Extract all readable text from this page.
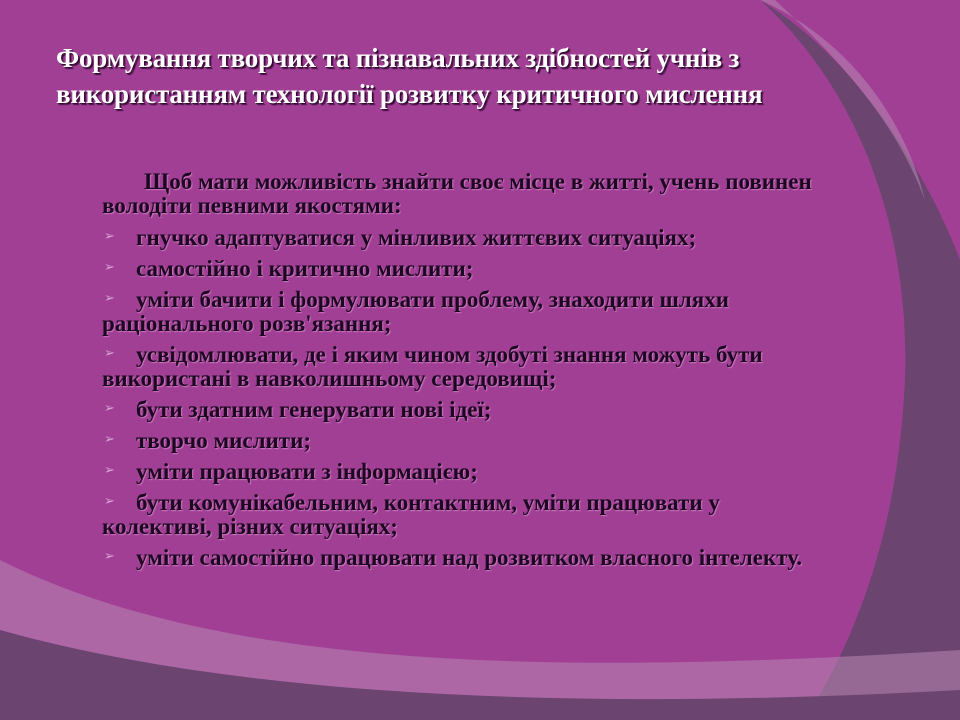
Формування творчих та пізнавальних здібностей учнів з використанням технології розвитку критичного мислення

Щоб мати можливість знайти своє місце в житті, учень повинен володіти певними якостями:

➢ гнучко адаптуватися у мінливих життєвих ситуаціях;
➢ самостійно і критично мислити;
➢ уміти бачити і формулювати проблему, знаходити шляхи раціонального розв'язання;
➢ усвідомлювати, де і яким чином здобуті знання можуть бути використані в навколишньому середовищі;
➢ бути здатним генерувати нові ідеї;
➢ творчо мислити;
➢ уміти працювати з інформацією;
➢ бути комунікабельним, контактним, уміти працювати у колективі, різних ситуаціях;
➢ уміти самостійно працювати над розвитком власного інтелекту.
